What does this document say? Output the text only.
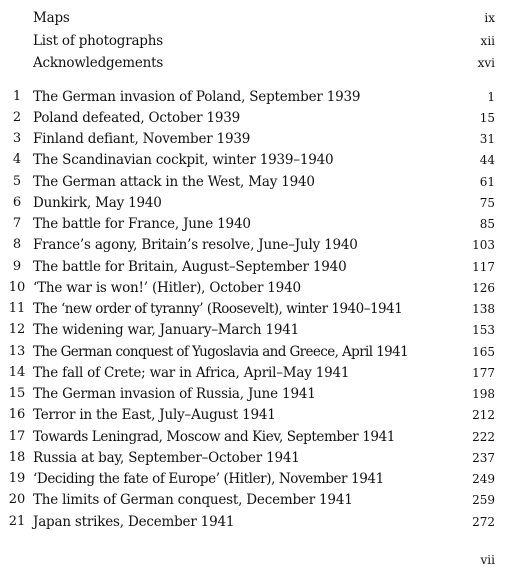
Maps	ix
List of photographs	xii
Acknowledgements	xvi
1 The German invasion of Poland, September 1939	1
2 Poland defeated, October 1939	15
3 Finland defiant, November 1939	31
4 The Scandinavian cockpit, winter 1939–1940	44
5 The German attack in the West, May 1940	61
6 Dunkirk, May 1940	75
7 The battle for France, June 1940	85
8 France’s agony, Britain’s resolve, June–July 1940	103
9 The battle for Britain, August–September 1940	117
10 ‘The war is won!’ (Hitler), October 1940	126
11 The ‘new order of tyranny’ (Roosevelt), winter 1940–1941	138
12 The widening war, January–March 1941	153
13 The German conquest of Yugoslavia and Greece, April 1941	165
14 The fall of Crete; war in Africa, April–May 1941	177
15 The German invasion of Russia, June 1941	198
16 Terror in the East, July–August 1941	212
17 Towards Leningrad, Moscow and Kiev, September 1941	222
18 Russia at bay, September–October 1941	237
19 ‘Deciding the fate of Europe’ (Hitler), November 1941	249
20 The limits of German conquest, December 1941	259
21 Japan strikes, December 1941	272
vii
